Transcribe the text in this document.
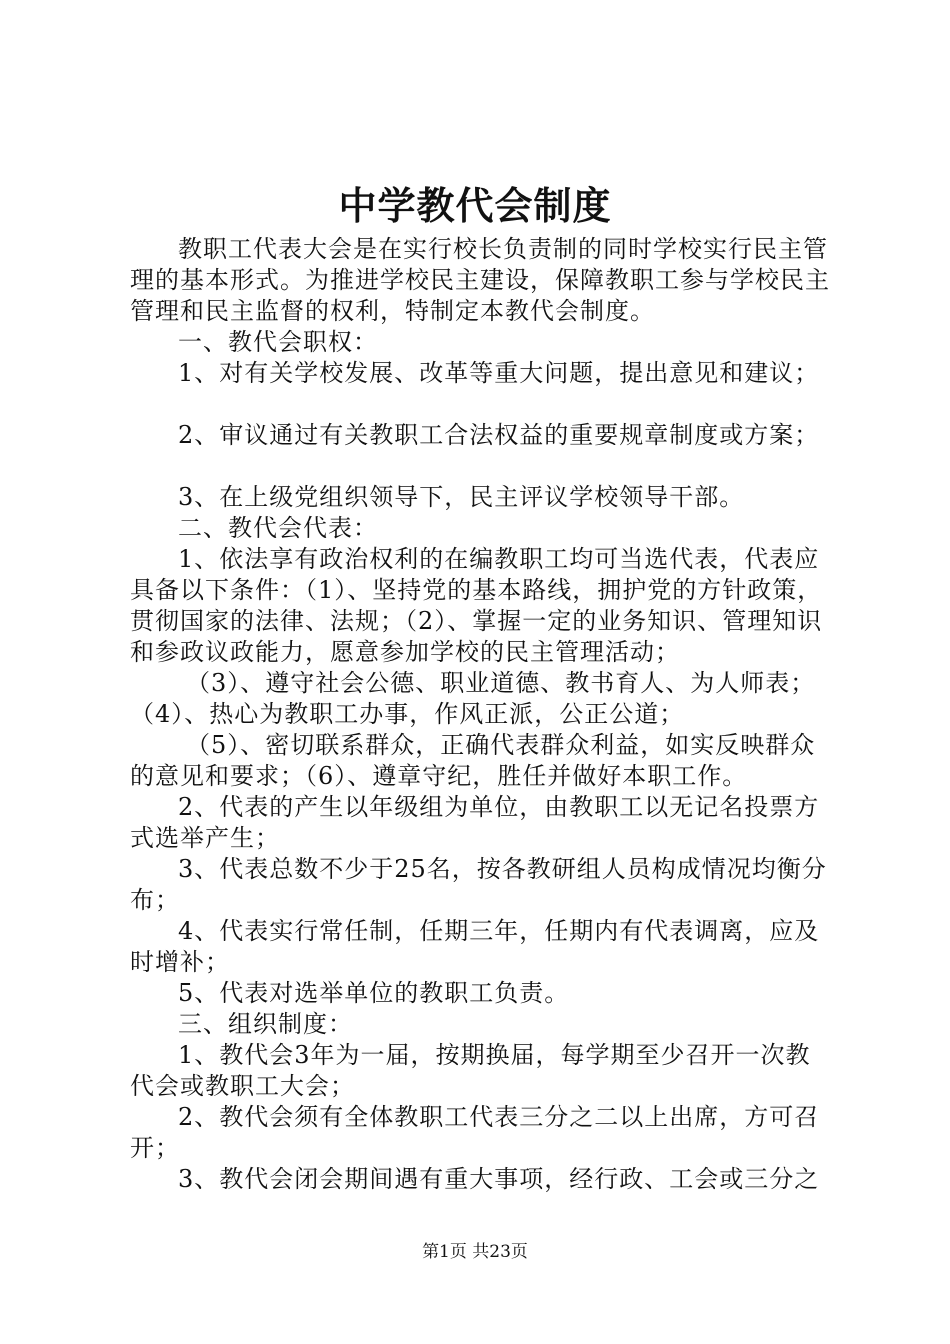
中学教代会制度

教职工代表大会是在实行校长负责制的同时学校实行民主管理的基本形式。为推进学校民主建设，保障教职工参与学校民主管理和民主监督的权利，特制定本教代会制度。

一、教代会职权：

1、对有关学校发展、改革等重大问题，提出意见和建议；

2、审议通过有关教职工合法权益的重要规章制度或方案；

3、在上级党组织领导下，民主评议学校领导干部。

二、教代会代表：

1、依法享有政治权利的在编教职工均可当选代表，代表应具备以下条件：（1）、坚持党的基本路线，拥护党的方针政策，贯彻国家的法律、法规；（2）、掌握一定的业务知识、管理知识和参政议政能力，愿意参加学校的民主管理活动；

（3）、遵守社会公德、职业道德、教书育人、为人师表；

（4）、热心为教职工办事，作风正派，公正公道；

（5）、密切联系群众，正确代表群众利益，如实反映群众的意见和要求；（6）、遵章守纪，胜任并做好本职工作。

2、代表的产生以年级组为单位，由教职工以无记名投票方式选举产生；

3、代表总数不少于25名，按各教研组人员构成情况均衡分布；

4、代表实行常任制，任期三年，任期内有代表调离，应及时增补；

5、代表对选举单位的教职工负责。

三、组织制度：

1、教代会3年为一届，按期换届，每学期至少召开一次教代会或教职工大会；

2、教代会须有全体教职工代表三分之二以上出席，方可召开；

3、教代会闭会期间遇有重大事项，经行政、工会或三分之

第1页 共23页
